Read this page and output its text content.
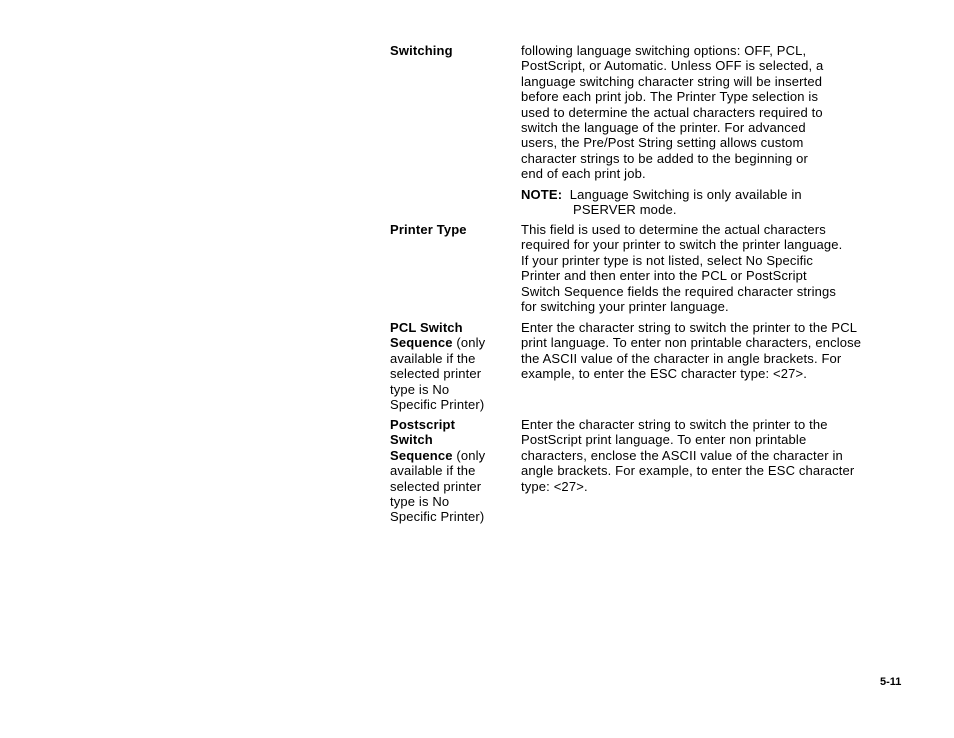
Switching	following language switching options: OFF, PCL,
PostScript, or Automatic. Unless OFF is selected, a
language switching character string will be inserted
before each print job. The Printer Type selection is
used to determine the actual characters required to
switch the language of the printer. For advanced
users, the Pre/Post String setting allows custom
character strings to be added to the beginning or
end of each print job.
NOTE: Language Switching is only available in
PSERVER mode.
Printer Type	This field is used to determine the actual characters
required for your printer to switch the printer language.
If your printer type is not listed, select No Specific
Printer and then enter into the PCL or PostScript
Switch Sequence fields the required character strings
for switching your printer language.
PCL Switch
Sequence (only
available if the
selected printer
type is No
Specific Printer)
Enter the character string to switch the printer to the PCL
print language. To enter non printable characters, enclose
the ASCII value of the character in angle brackets. For
example, to enter the ESC character type: <27>.
Postscript
Switch
Sequence (only
available if the
selected printer
type is No
Specific Printer)
Enter the character string to switch the printer to the
PostScript print language. To enter non printable
characters, enclose the ASCII value of the character in
angle brackets. For example, to enter the ESC character
type: <27>.
5-11
